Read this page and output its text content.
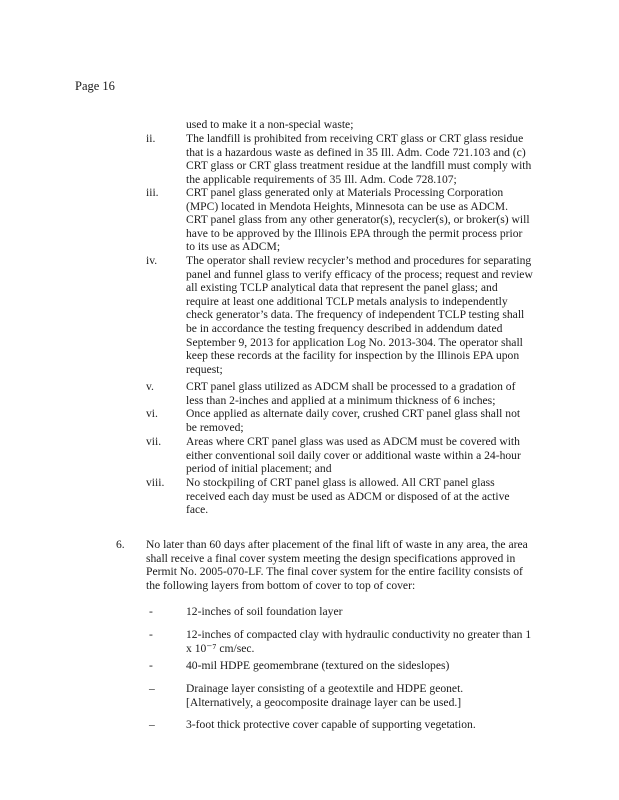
Page 16
used to make it a non-special waste;
ii.	The landfill is prohibited from receiving CRT glass or CRT glass residue
that is a hazardous waste as defined in 35 Ill. Adm. Code 721.103 and (c)
CRT glass or CRT glass treatment residue at the landfill must comply with
the applicable requirements of 35 Ill. Adm. Code 728.107;
iii. CRT panel glass generated only at Materials Processing Corporation
(MPC) located in Mendota Heights, Minnesota can be use as ADCM.
CRT panel glass from any other generator(s), recycler(s), or broker(s) will
have to be approved by the Illinois EPA through the permit process prior
to its use as ADCM;
iv. The operator shall review recycler’s method and procedures for separating
panel and funnel glass to verify efficacy of the process; request and review
all existing TCLP analytical data that represent the panel glass; and
require at least one additional TCLP metals analysis to independently
check generator’s data. The frequency of independent TCLP testing shall
be in accordance the testing frequency described in addendum dated
September 9, 2013 for application Log No. 2013-304. The operator shall
keep these records at the facility for inspection by the Illinois EPA upon
request;
v.	CRT panel glass utilized as ADCM shall be processed to a gradation of
less than 2-inches and applied at a minimum thickness of 6 inches;
vi. Once applied as alternate daily cover, crushed CRT panel glass shall not
be removed;
vii. Areas where CRT panel glass was used as ADCM must be covered with
either conventional soil daily cover or additional waste within a 24-hour
period of initial placement; and
viii. No stockpiling of CRT panel glass is allowed. All CRT panel glass
received each day must be used as ADCM or disposed of at the active
face.
6. No later than 60 days after placement of the final lift of waste in any area, the area
shall receive a final cover system meeting the design specifications approved in
Permit No. 2005-070-LF. The final cover system for the entire facility consists of
the following layers from bottom of cover to top of cover:
-	12-inches of soil foundation layer
-	12-inches of compacted clay with hydraulic conductivity no greater than 1
x 10⁻⁷ cm/sec.
-	40-mil HDPE geomembrane (textured on the sideslopes)
–	Drainage layer consisting of a geotextile and HDPE geonet.
[Alternatively, a geocomposite drainage layer can be used.]
–	3-foot thick protective cover capable of supporting vegetation.
